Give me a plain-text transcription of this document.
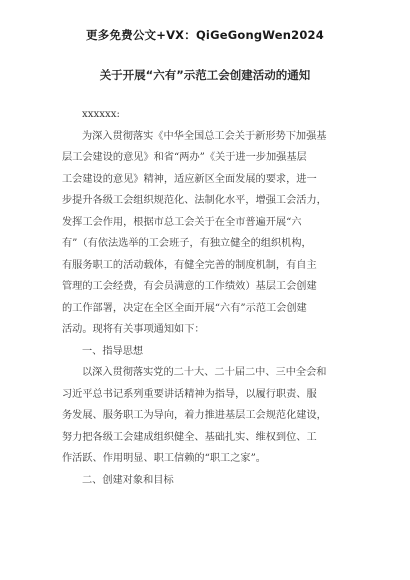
更多免费公文+VX：QiGeGongWen2024
关于开展“六有”示范工会创建活动的通知
xxxxxx:
为深入贯彻落实《中华全国总工会关于新形势下加强基
层工会建设的意见》和省“两办”《关于进一步加强基层
工会建设的意见》精神，适应新区全面发展的要求，进一
步提升各级工会组织规范化、法制化水平，增强工会活力，
发挥工会作用，根据市总工会关于在全市普遍开展“六
有”（有依法选举的工会班子，有独立健全的组织机构，
有服务职工的活动载体，有健全完善的制度机制，有自主
管理的工会经费，有会员满意的工作绩效）基层工会创建
的工作部署，决定在全区全面开展“六有”示范工会创建
活动。现将有关事项通知如下：
一、指导思想
以深入贯彻落实党的二十大、二十届二中、三中全会和
习近平总书记系列重要讲话精神为指导，以履行职责、服
务发展、服务职工为导向，着力推进基层工会规范化建设，
努力把各级工会建成组织健全、基础扎实、维权到位、工
作活跃、作用明显、职工信赖的“职工之家”。
二、创建对象和目标
